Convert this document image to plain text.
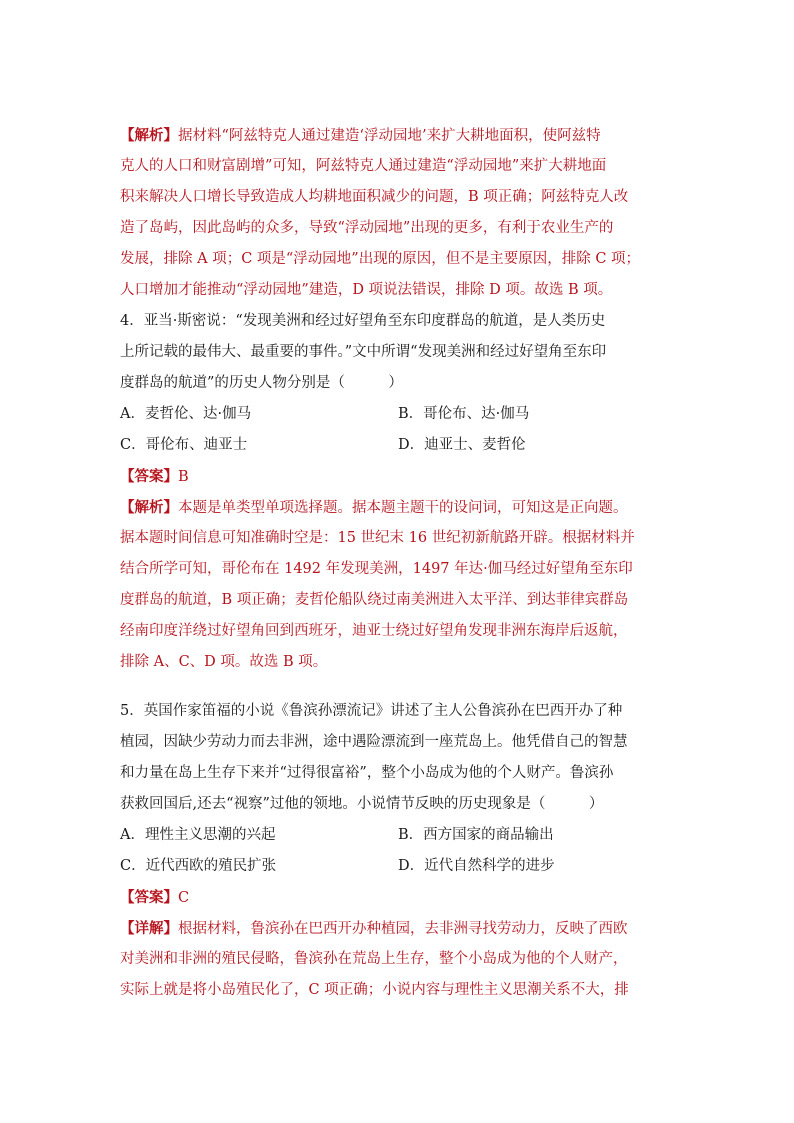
【解析】据材料“阿兹特克人通过建造‘浮动园地’来扩大耕地面积，使阿兹特
克人的人口和财富剧增”可知，阿兹特克人通过建造“浮动园地”来扩大耕地面
积来解决人口增长导致造成人均耕地面积减少的问题，B 项正确；阿兹特克人改
造了岛屿，因此岛屿的众多，导致“浮动园地”出现的更多，有利于农业生产的
发展，排除 A 项；C 项是“浮动园地”出现的原因，但不是主要原因，排除 C 项；
人口增加才能推动“浮动园地”建造，D 项说法错误，排除 D 项。故选 B 项。
4．亚当·斯密说：“发现美洲和经过好望角至东印度群岛的航道，是人类历史
上所记载的最伟大、最重要的事件。”文中所谓“发现美洲和经过好望角至东印
度群岛的航道”的历史人物分别是（　　　）
A．麦哲伦、达·伽马	B．哥伦布、达·伽马
C．哥伦布、迪亚士	D．迪亚士、麦哲伦
【答案】B
【解析】本题是单类型单项选择题。据本题主题干的设问词，可知这是正向题。
据本题时间信息可知准确时空是：15 世纪末 16 世纪初新航路开辟。根据材料并
结合所学可知，哥伦布在 1492 年发现美洲，1497 年达·伽马经过好望角至东印
度群岛的航道，B 项正确；麦哲伦船队绕过南美洲进入太平洋、到达菲律宾群岛
经南印度洋绕过好望角回到西班牙，迪亚士绕过好望角发现非洲东海岸后返航，
排除 A、C、D 项。故选 B 项。
5．英国作家笛福的小说《鲁滨孙漂流记》讲述了主人公鲁滨孙在巴西开办了种
植园，因缺少劳动力而去非洲，途中遇险漂流到一座荒岛上。他凭借自己的智慧
和力量在岛上生存下来并“过得很富裕”，整个小岛成为他的个人财产。鲁滨孙
获救回国后,还去“视察”过他的领地。小说情节反映的历史现象是（　　　）
A．理性主义思潮的兴起	B．西方国家的商品输出
C．近代西欧的殖民扩张	D．近代自然科学的进步
【答案】C
【详解】根据材料，鲁滨孙在巴西开办种植园，去非洲寻找劳动力，反映了西欧
对美洲和非洲的殖民侵略，鲁滨孙在荒岛上生存，整个小岛成为他的个人财产，
实际上就是将小岛殖民化了，C 项正确；小说内容与理性主义思潮关系不大，排
